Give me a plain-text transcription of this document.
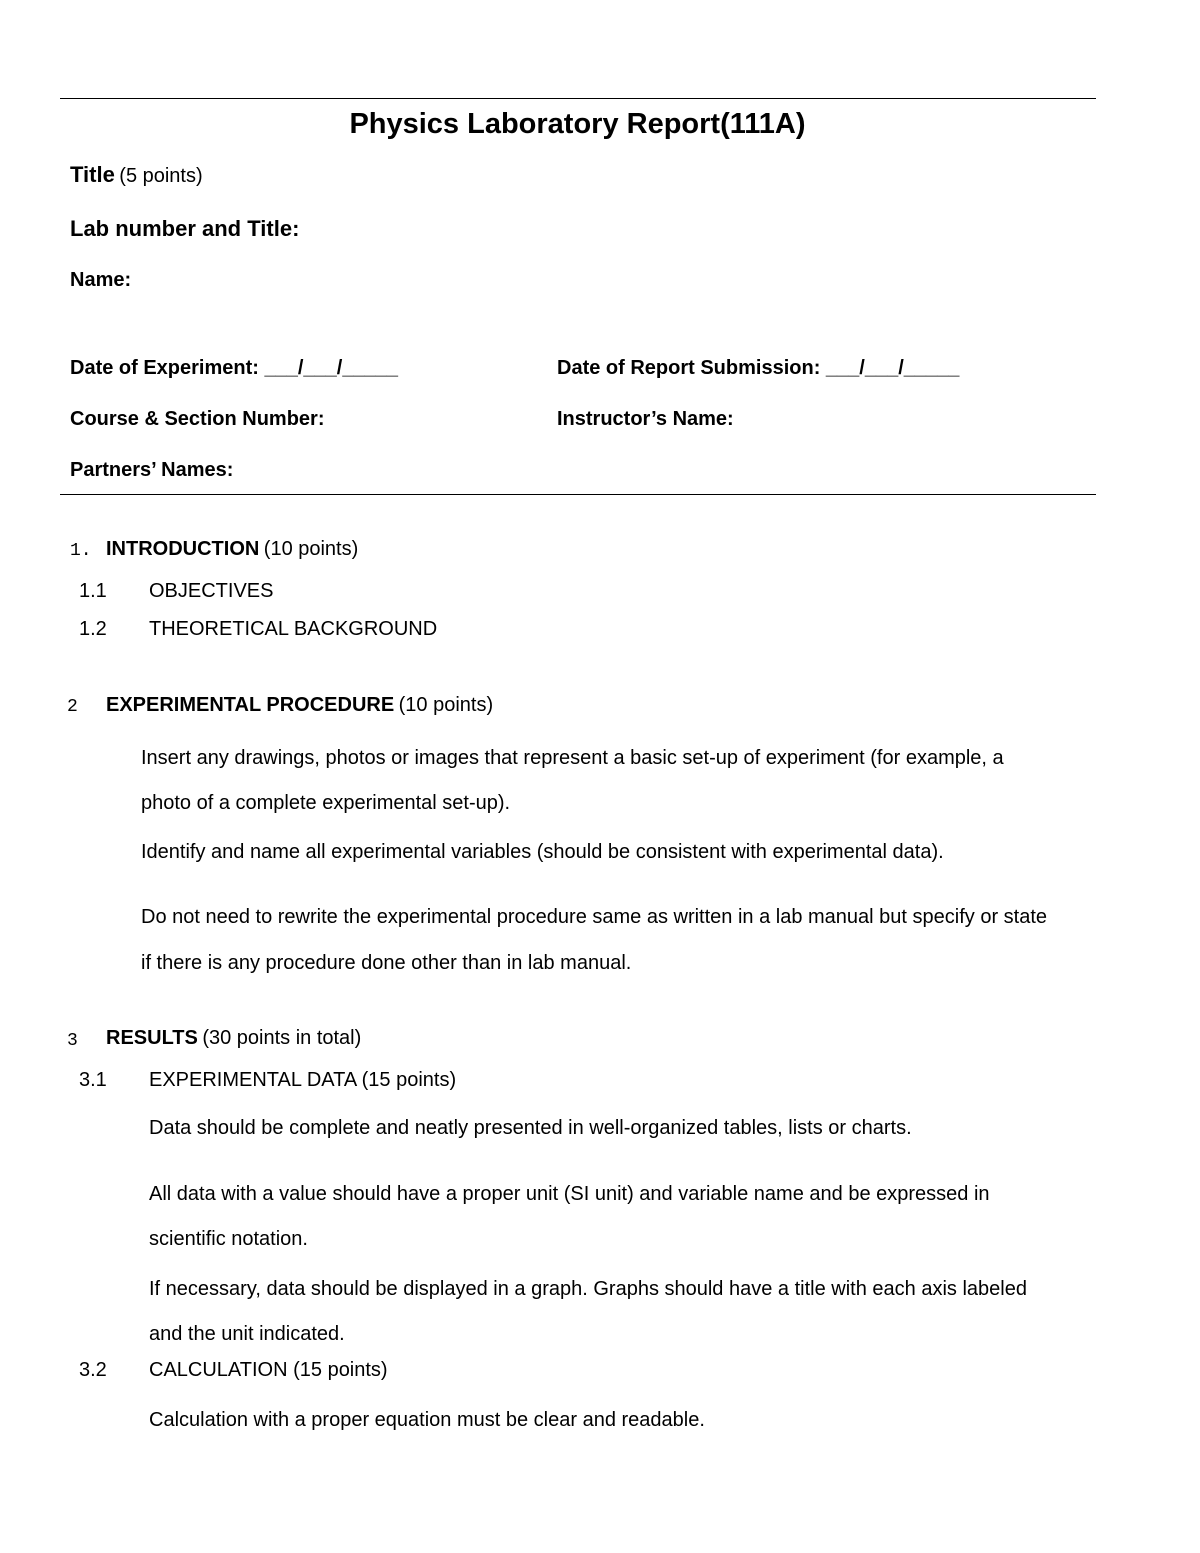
Physics Laboratory Report(111A)
Title (5 points)
Lab number and Title:
Name:
Date of Experiment: ___/___/_____	Date of Report Submission: ___/___/_____
Course & Section Number:	Instructor’s Name:
Partners’ Names:
1. INTRODUCTION (10 points)
1.1 OBJECTIVES
1.2 THEORETICAL BACKGROUND
2 EXPERIMENTAL PROCEDURE (10 points)
Insert any drawings, photos or images that represent a basic set-up of experiment (for example, a
photo of a complete experimental set-up).
Identify and name all experimental variables (should be consistent with experimental data).
Do not need to rewrite the experimental procedure same as written in a lab manual but specify or state
if there is any procedure done other than in lab manual.
3 RESULTS (30 points in total)
3.1 EXPERIMENTAL DATA (15 points)
Data should be complete and neatly presented in well-organized tables, lists or charts.
All data with a value should have a proper unit (SI unit) and variable name and be expressed in
scientific notation.
If necessary, data should be displayed in a graph. Graphs should have a title with each axis labeled
and the unit indicated.
3.2 CALCULATION (15 points)
Calculation with a proper equation must be clear and readable.
